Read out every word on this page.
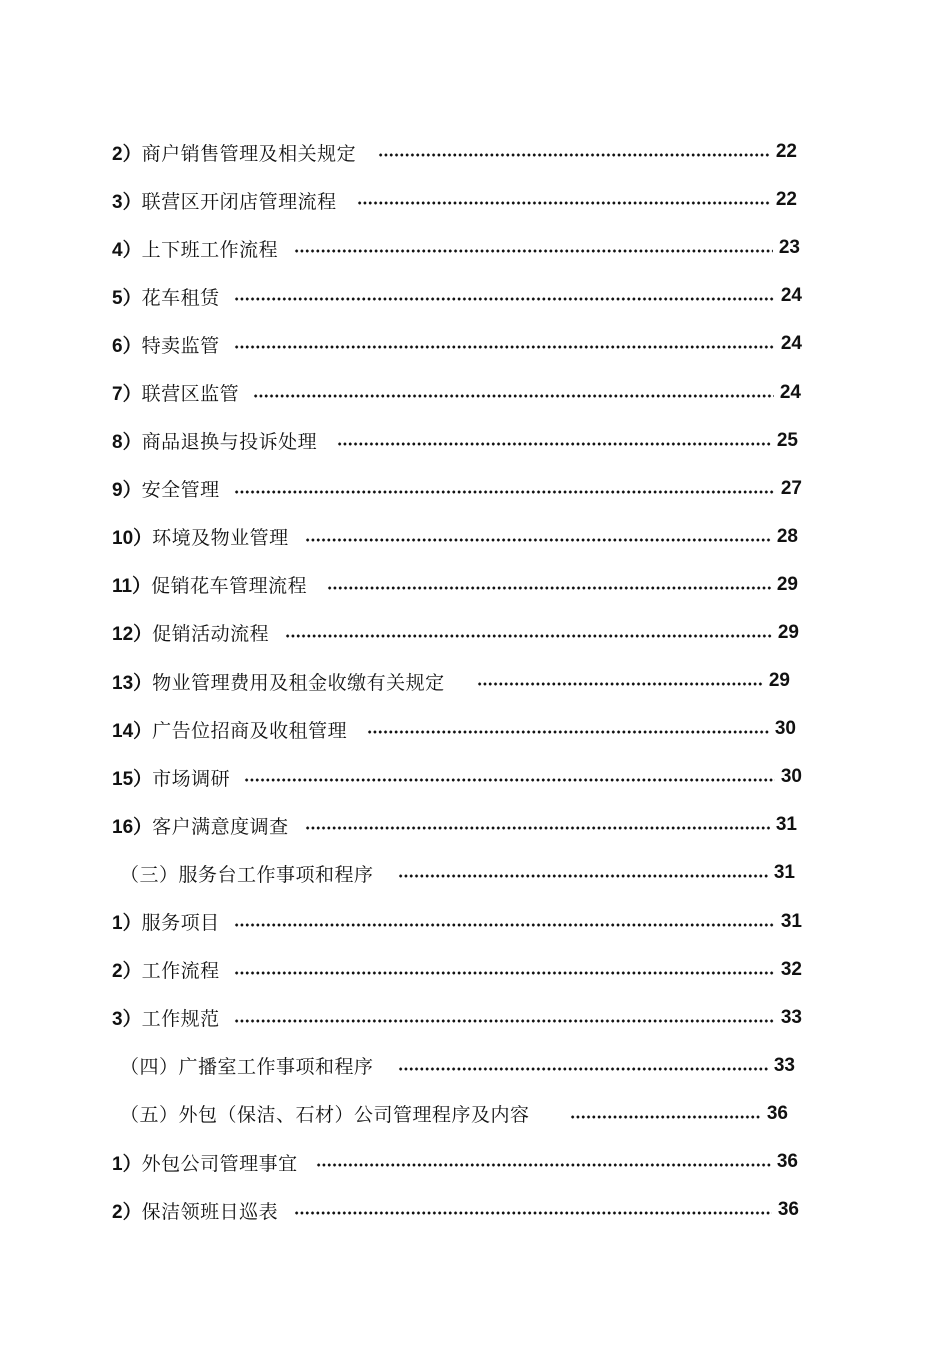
2） 商户销售管理及相关规定	22
3） 联营区开闭店管理流程	22
4） 上下班工作流程	23
5） 花车租赁	24
6） 特卖监管	24
7） 联营区监管	24
8） 商品退换与投诉处理	25
9） 安全管理	27
10） 环境及物业管理	28
11） 促销花车管理流程	29
12） 促销活动流程	29
13） 物业管理费用及租金收缴有关规定	29
14） 广告位招商及收租管理	30
15） 市场调研	30
16） 客户满意度调查	31
（三）服务台工作事项和程序	31
1） 服务项目	31
2） 工作流程	32
3） 工作规范	33
（四）广播室工作事项和程序	33
（五）外包（保洁、石材）公司管理程序及内容	36
1） 外包公司管理事宜	36
2） 保洁领班日巡表	36
